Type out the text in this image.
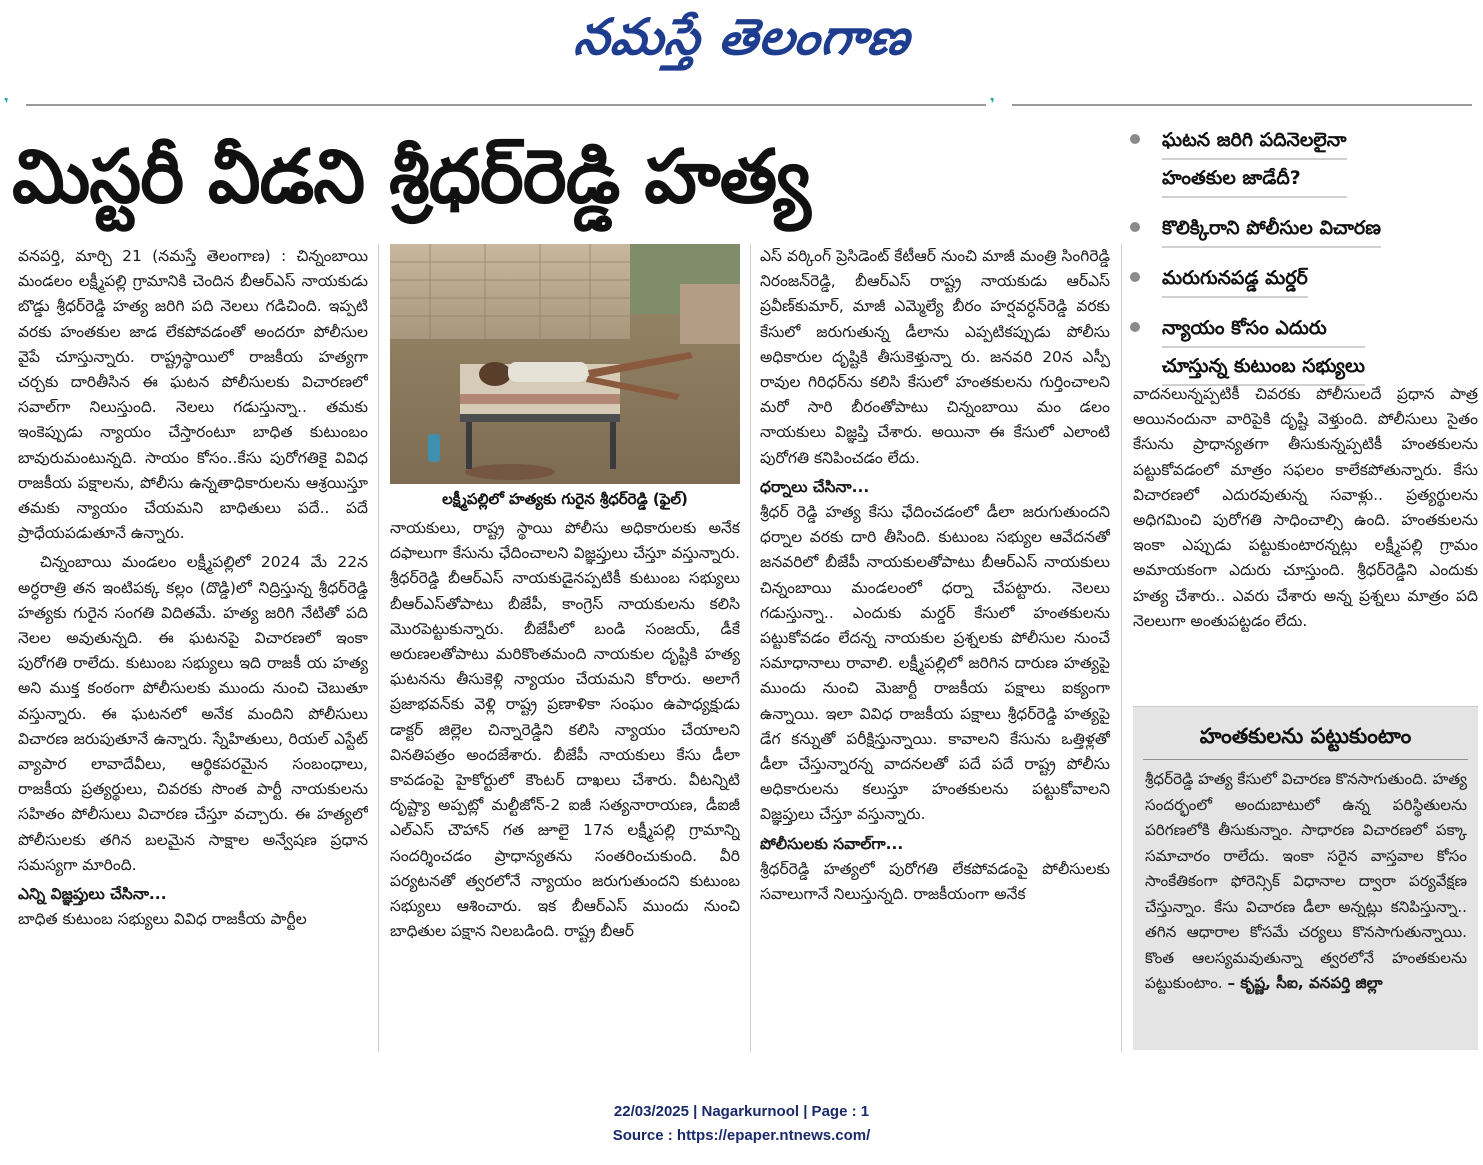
నమస్తే తెలంగాణ
❜	❜
మిస్టరీ వీడని శ్రీధర్‌రెడ్డి హత్య	ఘటన జరిగి పదినెలలైనా
హంతకుల జాడేదీ?
కొలిక్కిరాని పోలీసుల విచారణ
మరుగునపడ్డ మర్డర్
న్యాయం కోసం ఎదురు
చూస్తున్న కుటుంబ సభ్యులు

వనపర్తి, మార్చి 21 (నమస్తే తెలంగాణ) : చిన్నంబాయి మండలం లక్ష్మీపల్లి గ్రామానికి చెందిన బీఆర్‌ఎస్ నాయకుడు బొడ్డు శ్రీధర్‌రెడ్డి హత్య జరిగి పది నెలలు గడిచింది. ఇప్పటి వరకు హంతకుల జాడ లేకపోవడంతో అందరూ పోలీసుల వైపే చూస్తున్నారు. రాష్ట్రస్థాయిలో రాజకీయ హత్యగా చర్చకు దారితీసిన ఈ ఘటన పోలీసులకు విచారణలో సవాల్‌గా నిలుస్తుంది. నెలలు గడుస్తున్నా.. తమకు ఇంకెప్పుడు న్యాయం చేస్తారంటూ బాధిత కుటుంబం బావురుమంటున్నది. సాయం కోసం..కేసు పురోగతికై వివిధ రాజకీయ పక్షాలను, పోలీసు ఉన్నతాధికారులను ఆశ్రయిస్తూ తమకు న్యాయం చేయమని బాధితులు పదే.. పదే ప్రాధేయపడుతూనే ఉన్నారు.

చిన్నంబాయి మండలం లక్ష్మీపల్లిలో 2024 మే 22న అర్ధరాత్రి తన ఇంటిపక్క కల్లం (దొడ్డి)లో నిద్రిస్తున్న శ్రీధర్‌రెడ్డి హత్యకు గురైన సంగతి విదితమే. హత్య జరిగి నేటితో పది నెలల అవుతున్నది. ఈ ఘటనపై విచారణలో ఇంకా పురోగతి రాలేదు. కుటుంబ సభ్యులు ఇది రాజకీ య హత్య అని ముక్త కంఠంగా పోలీసులకు ముందు నుంచి చెబుతూ వస్తున్నారు. ఈ ఘటనలో అనేక మందిని పోలీసులు విచారణ జరుపుతూనే ఉన్నారు. స్నేహితులు, రియల్ ఎస్టేట్ వ్యాపార లావాదేవీలు, ఆర్థికపరమైన సంబంధాలు, రాజకీయ ప్రత్యర్థులు, చివరకు సొంత పార్టీ నాయకులను సహితం పోలీసులు విచారణ చేస్తూ వచ్చారు. ఈ హత్యలో పోలీసులకు తగిన బలమైన సాక్షాల అన్వేషణ ప్రధాన సమస్యగా మారింది.

ఎన్ని విజ్ఞప్తులు చేసినా...

బాధిత కుటుంబ సభ్యులు వివిధ రాజకీయ పార్టీల

లక్ష్మీపల్లిలో హత్యకు గురైన శ్రీధర్‌రెడ్డి (ఫైల్)

నాయకులు, రాష్ట్ర స్థాయి పోలీసు అధికారులకు అనేక దఫాలుగా కేసును ఛేదించాలని విజ్ఞప్తులు చేస్తూ వస్తున్నారు. శ్రీధర్‌రెడ్డి బీఆర్‌ఎస్ నాయకుడైనప్పటికీ కుటుంబ సభ్యులు బీఆర్‌ఎస్‌తోపాటు బీజేపీ, కాంగ్రెస్ నాయకులను కలిసి మొరపెట్టుకున్నారు. బీజేపీలో బండి సంజయ్, డీకే అరుణలతోపాటు మరికొంతమంది నాయకుల దృష్టికి హత్య ఘటనను తీసుకెళ్లి న్యాయం చేయమని కోరారు. అలాగే ప్రజాభవన్‌కు వెళ్లి రాష్ట్ర ప్రణాళికా సంఘం ఉపాధ్యక్షుడు డాక్టర్ జిల్లెల చిన్నారెడ్డిని కలిసి న్యాయం చేయాలని వినతిపత్రం అందజేశారు. బీజేపీ నాయకులు కేసు డీలా కావడంపై హైకోర్టులో కౌంటర్ దాఖలు చేశారు. వీటన్నిటి దృష్ట్యా అప్పట్లో మల్టీజోన్-2 ఐజీ సత్యనారాయణ, డీఐజీ ఎల్‌ఎస్ చౌహాన్ గత జూలై 17న లక్ష్మీపల్లి గ్రామాన్ని సందర్శించడం ప్రాధాన్యతను సంతరించుకుంది. వీరి పర్యటనతో త్వరలోనే న్యాయం జరుగుతుందని కుటుంబ సభ్యులు ఆశించారు. ఇక బీఆర్‌ఎస్ ముందు నుంచి బాధితుల పక్షాన నిలబడింది. రాష్ట్ర బీఆర్

ఎస్ వర్కింగ్ ప్రెసిడెంట్ కేటీఆర్ నుంచి మాజీ మంత్రి సింగిరెడ్డి నిరంజన్‌రెడ్డి, బీఆర్‌ఎస్ రాష్ట్ర నాయకుడు ఆర్‌ఎస్ ప్రవీణ్‌కుమార్, మాజీ ఎమ్మెల్యే బీరం హర్షవర్ధన్‌రెడ్డి వరకు కేసులో జరుగుతున్న డీలాను ఎప్పటికప్పుడు పోలీసు అధికారుల దృష్టికి తీసుకెళ్తున్నా రు. జనవరి 20న ఎస్పీ రావుల గిరిధర్‌ను కలిసి కేసులో హంతకులను గుర్తించాలని మరో సారి బీరంతోపాటు చిన్నంబాయి మం డలం నాయకులు విజ్ఞప్తి చేశారు. అయినా ఈ కేసులో ఎలాంటి పురోగతి కనిపించడం లేదు.

ధర్నాలు చేసినా...

శ్రీధర్ రెడ్డి హత్య కేసు ఛేదించడంలో డీలా జరుగుతుందని ధర్నాల వరకు దారి తీసింది. కుటుంబ సభ్యుల ఆవేదనతో జనవరిలో బీజేపీ నాయకులతోపాటు బీఆర్‌ఎస్ నాయకులు చిన్నంబాయి మండలంలో ధర్నా చేపట్టారు. నెలలు గడుస్తున్నా.. ఎందుకు మర్డర్ కేసులో హంతకులను పట్టుకోవడం లేదన్న నాయకుల ప్రశ్నలకు పోలీసుల నుంచే సమాధానాలు రావాలి. లక్ష్మీపల్లిలో జరిగిన దారుణ హత్యపై ముందు నుంచి మెజార్టీ రాజకీయ పక్షాలు ఐక్యంగా ఉన్నాయి. ఇలా వివిధ రాజకీయ పక్షాలు శ్రీధర్‌రెడ్డి హత్యపై డేగ కన్నుతో పరీక్షిస్తున్నాయి. కావాలని కేసును ఒత్తిళ్లతో డీలా చేస్తున్నారన్న వాదనలతో పదే పదే రాష్ట్ర పోలీసు అధికారులను కలుస్తూ హంతకులను పట్టుకోవాలని విజ్ఞప్తులు చేస్తూ వస్తున్నారు.

పోలీసులకు సవాల్‌గా...

శ్రీధర్‌రెడ్డి హత్యలో పురోగతి లేకపోవడంపై పోలీసులకు సవాలుగానే నిలుస్తున్నది. రాజకీయంగా అనేక

వాదనలున్నప్పటికీ చివరకు పోలీసులదే ప్రధాన పాత్ర అయినందునా వారిపైకి దృష్టి వెళ్తుంది. పోలీసులు సైతం కేసును ప్రాధాన్యతగా తీసుకున్నప్పటికీ హంతకులను పట్టుకోవడంలో మాత్రం సఫలం కాలేకపోతున్నారు. కేసు విచారణలో ఎదురవుతున్న సవాళ్లు.. ప్రత్యర్థులను అధిగమించి పురోగతి సాధించాల్సి ఉంది. హంతకులను ఇంకా ఎప్పుడు పట్టుకుంటారన్నట్లు లక్ష్మీపల్లి గ్రామం అమాయకంగా ఎదురు చూస్తుంది. శ్రీధర్‌రెడ్డిని ఎందుకు హత్య చేశారు.. ఎవరు చేశారు అన్న ప్రశ్నలు మాత్రం పది నెలలుగా అంతుపట్టడం లేదు.

హంతకులను పట్టుకుంటాం
శ్రీధర్‌రెడ్డి హత్య కేసులో విచారణ కొనసాగుతుంది. హత్య సందర్భంలో అందుబాటులో ఉన్న పరిస్థితులను పరిగణలోకి తీసుకున్నాం. సాధారణ విచారణలో పక్కా సమాచారం రాలేదు. ఇంకా సరైన వాస్తవాల కోసం సాంకేతికంగా ఫోరెన్సిక్ విధానాల ద్వారా పర్యవేక్షణ చేస్తున్నాం. కేసు విచారణ డీలా అన్నట్లు కనిపిస్తున్నా.. తగిన ఆధారాల కోసమే చర్యలు కొనసాగుతున్నాయి. కొంత ఆలస్యమవుతున్నా త్వరలోనే హంతకులను పట్టుకుంటాం. – కృష్ణ, సీఐ, వనపర్తి జిల్లా
22/03/2025 | Nagarkurnool | Page : 1
Source : https://epaper.ntnews.com/
